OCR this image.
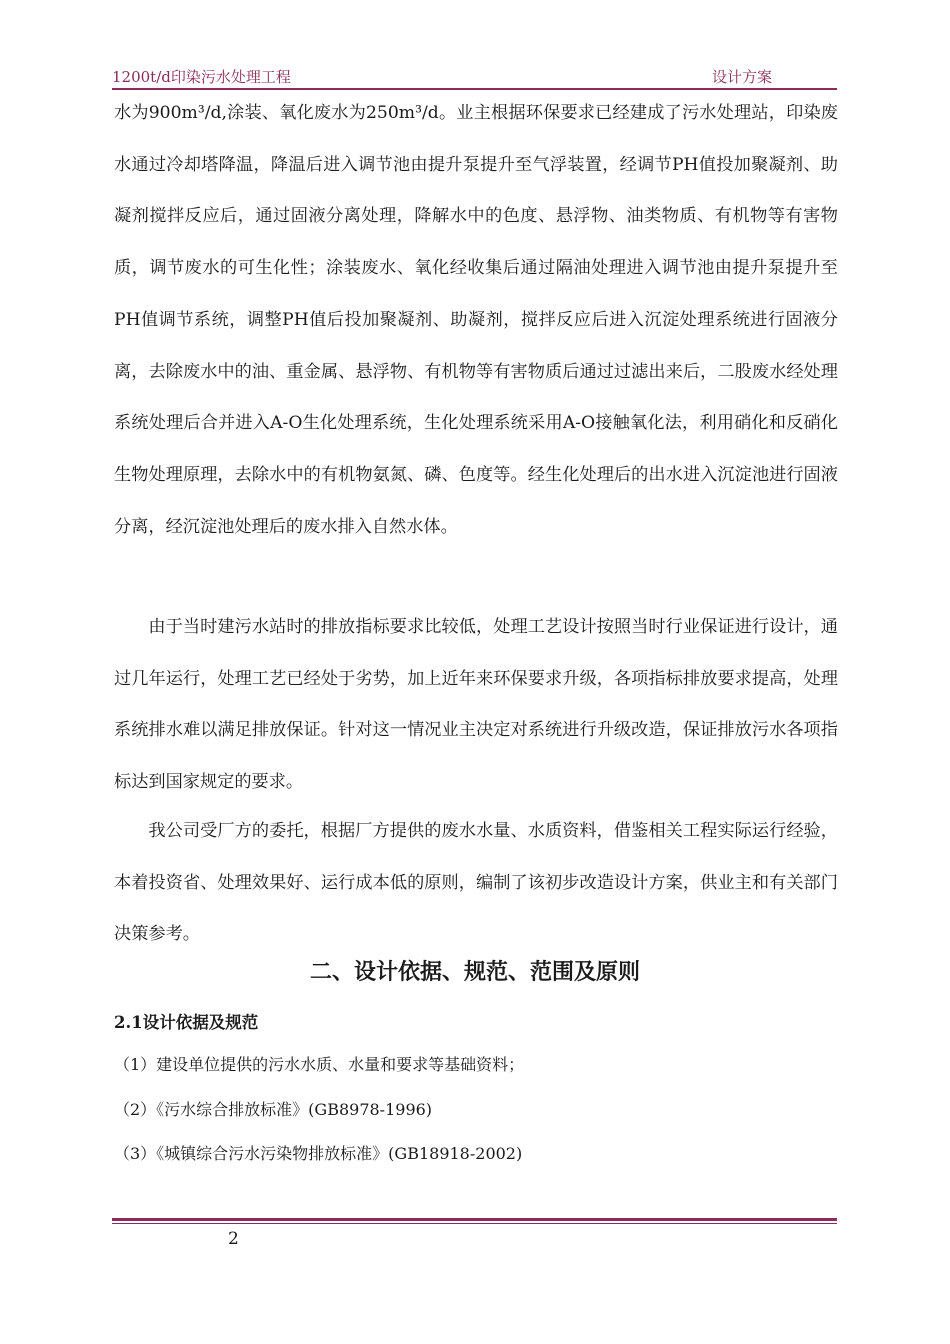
1200t/d印染污水处理工程	设计方案

水为900m³/d,涂装、氧化废水为250m³/d。业主根据环保要求已经建成了污水处理站，印染废水通过冷却塔降温，降温后进入调节池由提升泵提升至气浮装置，经调节PH值投加聚凝剂、助凝剂搅拌反应后，通过固液分离处理，降解水中的色度、悬浮物、油类物质、有机物等有害物质，调节废水的可生化性；涂装废水、氧化经收集后通过隔油处理进入调节池由提升泵提升至PH值调节系统，调整PH值后投加聚凝剂、助凝剂，搅拌反应后进入沉淀处理系统进行固液分离，去除废水中的油、重金属、悬浮物、有机物等有害物质后通过过滤出来后，二股废水经处理系统处理后合并进入A-O生化处理系统，生化处理系统采用A-O接触氧化法，利用硝化和反硝化生物处理原理，去除水中的有机物氨氮、磷、色度等。经生化处理后的出水进入沉淀池进行固液分离，经沉淀池处理后的废水排入自然水体。

由于当时建污水站时的排放指标要求比较低，处理工艺设计按照当时行业保证进行设计，通过几年运行，处理工艺已经处于劣势，加上近年来环保要求升级，各项指标排放要求提高，处理系统排水难以满足排放保证。针对这一情况业主决定对系统进行升级改造，保证排放污水各项指标达到国家规定的要求。

我公司受厂方的委托，根据厂方提供的废水水量、水质资料，借鉴相关工程实际运行经验，本着投资省、处理效果好、运行成本低的原则，编制了该初步改造设计方案，供业主和有关部门决策参考。

二、设计依据、规范、范围及原则
2.1设计依据及规范
（1）建设单位提供的污水水质、水量和要求等基础资料；
（2）《污水综合排放标准》(GB8978-1996)
（3）《城镇综合污水污染物排放标准》(GB18918-2002)
2
